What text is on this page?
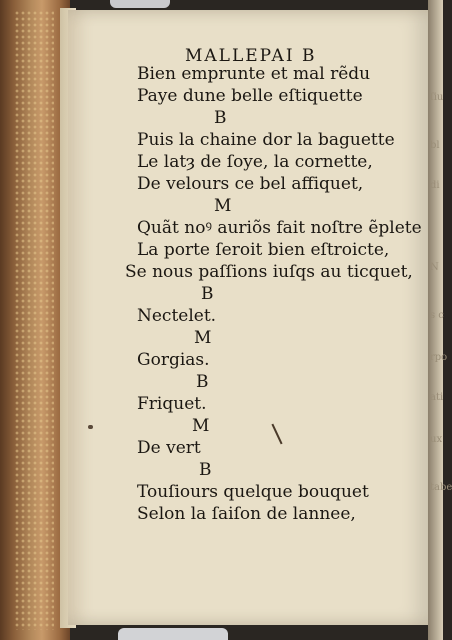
ſiu
bl
di
N
s c
rpo
ati
ux
tabe
MALLEPAI B
Bien emprunte et mal rẽdu
Paye dune belle eſtiquette
B
Puis la chaine dor la baguette
Le latȝ de ſoye, la cornette,
De velours ce bel affiquet,
M
Quãt noꝰ auriõs fait noſtre ẽplete
La porte ſeroit bien eſtroicte,
Se nous paſſions iuſqs au ticquet,
B
Nectelet.
M
Gorgias.
B
Friquet.
M
De vert
B
Touſiours quelque bouquet
Selon la ſaiſon de lannee,
